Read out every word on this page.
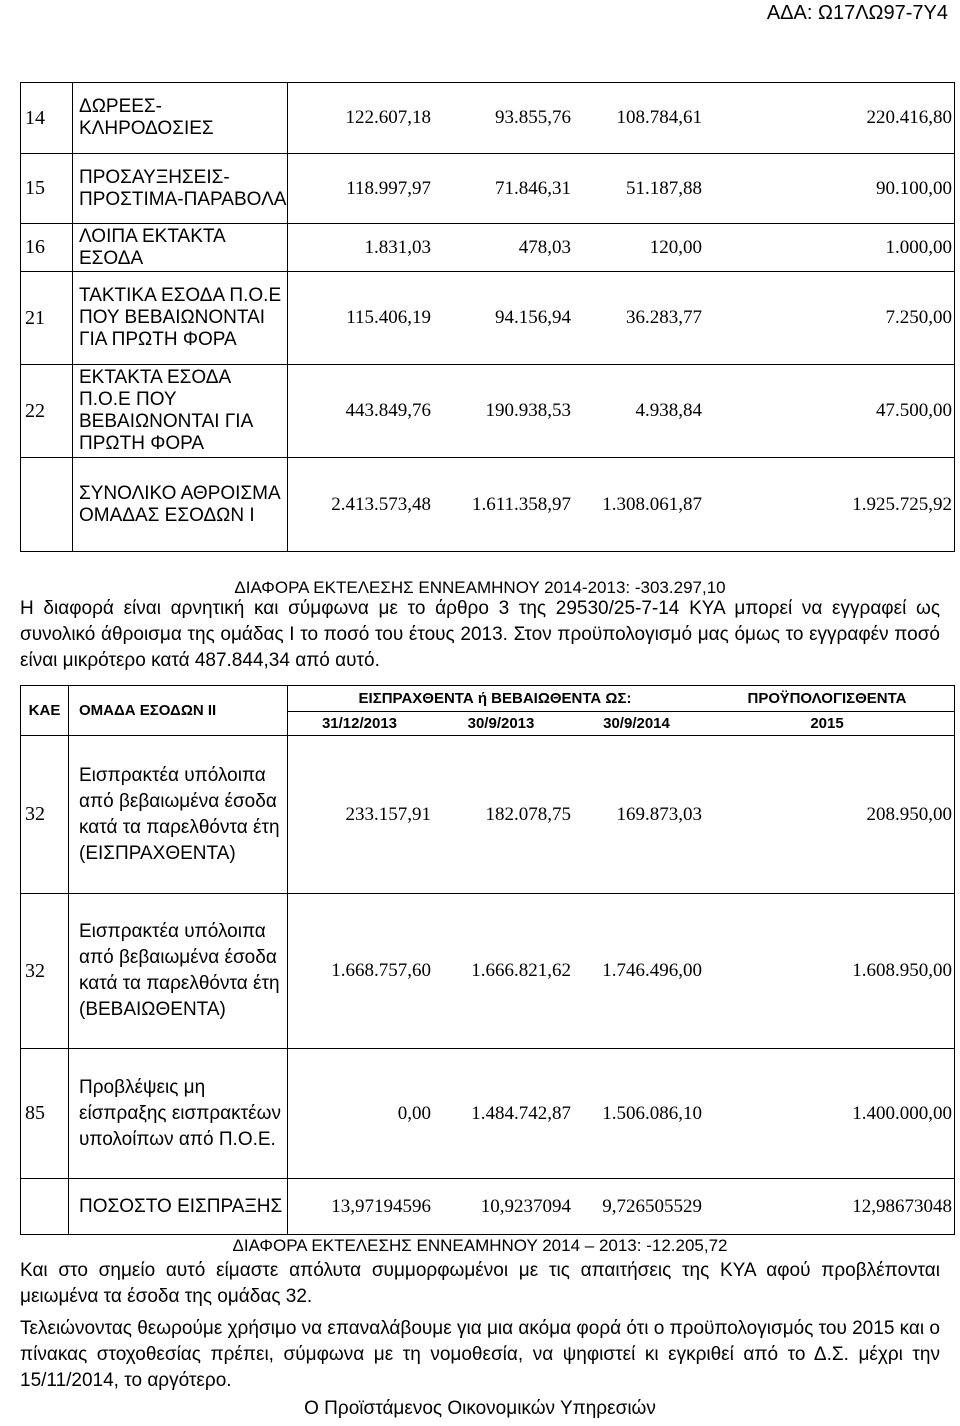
ΑΔΑ: Ω17ΛΩ97-7Υ4
14	ΔΩΡΕΕΣ-ΚΛΗΡΟΔΟΣΙΕΣ	122.607,18 93.855,76 108.784,61 220.416,80

15	ΠΡΟΣΑΥΞΗΣΕΙΣ-ΠΡΟΣΤΙΜΑ-ΠΑΡΑΒΟΛΑ	118.997,97 71.846,31 51.187,88 90.100,00

16	ΛΟΙΠΑ ΕΚΤΑΚΤΑ ΕΣΟΔΑ	1.831,03 478,03 120,00 1.000,00

21	ΤΑΚΤΙΚΑ ΕΣΟΔΑ Π.Ο.Ε ΠΟΥ ΒΕΒΑΙΩΝΟΝΤΑΙ ΓΙΑ ΠΡΩΤΗ ΦΟΡΑ	115.406,19 94.156,94 36.283,77 7.250,00

22	ΕΚΤΑΚΤΑ ΕΣΟΔΑ Π.Ο.Ε ΠΟΥ ΒΕΒΑΙΩΝΟΝΤΑΙ ΓΙΑ ΠΡΩΤΗ ΦΟΡΑ	443.849,76 190.938,53 4.938,84 47.500,00

	ΣΥΝΟΛΙΚΟ ΑΘΡΟΙΣΜΑ ΟΜΑΔΑΣ ΕΣΟΔΩΝ Ι	2.413.573,48 1.611.358,97 1.308.061,87 1.925.725,92
ΔΙΑΦΟΡΑ ΕΚΤΕΛΕΣΗΣ ΕΝΝΕΑΜΗΝΟΥ 2014-2013: -303.297,10
Η διαφορά είναι αρνητική και σύμφωνα με το άρθρο 3 της 29530/25-7-14 ΚΥΑ μπορεί να εγγραφεί ως συνολικό άθροισμα της ομάδας Ι το ποσό του έτους 2013. Στον προϋπολογισμό μας όμως το εγγραφέν ποσό είναι μικρότερο κατά 487.844,34 από αυτό.
ΚΑΕ	ΟΜΑΔΑ ΕΣΟΔΩΝ ΙΙ	ΕΙΣΠΡΑΧΘΕΝΤΑ ή ΒΕΒΑΙΩΘΕΝΤΑ ΩΣ: ΠΡΟΫΠΟΛΟΓΙΣΘΕΝΤΑ

		31/12/2013 30/9/2013 30/9/2014 2015

32	Εισπρακτέα υπόλοιπα από βεβαιωμένα έσοδα κατά τα παρελθόντα έτη (ΕΙΣΠΡΑΧΘΕΝΤΑ)	233.157,91 182.078,75 169.873,03 208.950,00

32	Εισπρακτέα υπόλοιπα από βεβαιωμένα έσοδα κατά τα παρελθόντα έτη (ΒΕΒΑΙΩΘΕΝΤΑ)	1.668.757,60 1.666.821,62 1.746.496,00 1.608.950,00

85	Προβλέψεις μη είσπραξης εισπρακτέων υπολοίπων από Π.Ο.Ε.	0,00 1.484.742,87 1.506.086,10 1.400.000,00

	ΠΟΣΟΣΤΟ ΕΙΣΠΡΑΞΗΣ	13,97194596 10,9237094 9,726505529 12,98673048
ΔΙΑΦΟΡΑ ΕΚΤΕΛΕΣΗΣ ΕΝΝΕΑΜΗΝΟΥ 2014 – 2013: -12.205,72
Και στο σημείο αυτό είμαστε απόλυτα συμμορφωμένοι με τις απαιτήσεις της ΚΥΑ αφού προβλέπονται μειωμένα τα έσοδα της ομάδας 32.
Τελειώνοντας θεωρούμε χρήσιμο να επαναλάβουμε για μια ακόμα φορά ότι ο προϋπολογισμός του 2015 και ο πίνακας στοχοθεσίας πρέπει, σύμφωνα με τη νομοθεσία, να ψηφιστεί κι εγκριθεί από το Δ.Σ. μέχρι την 15/11/2014, το αργότερο.
Ο Προϊστάμενος Οικονομικών Υπηρεσιών
